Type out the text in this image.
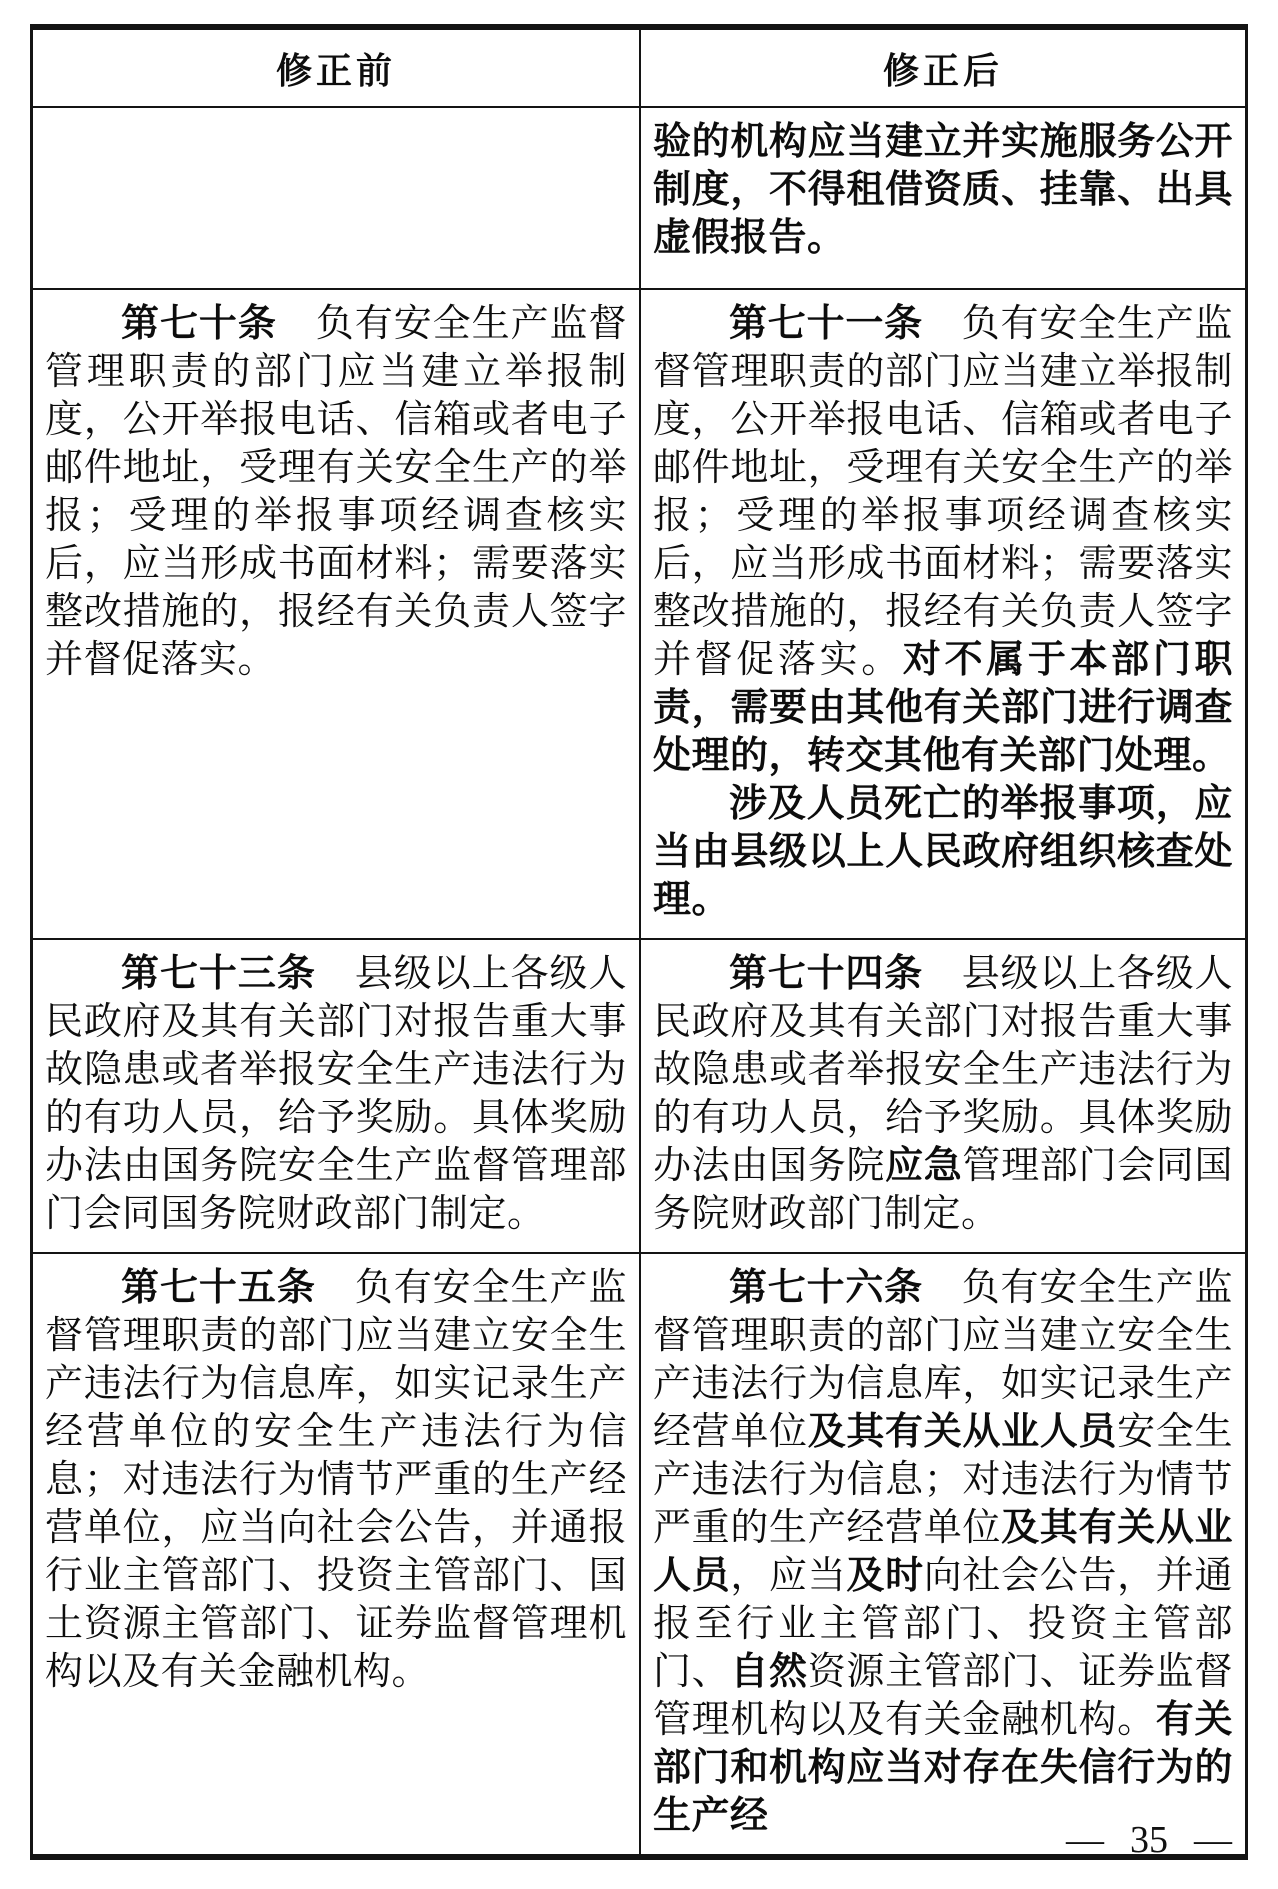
修正前	修正后

验的机构应当建立并实施服务公开制度，不得租借资质、挂靠、出具虚假报告。

第七十条　负有安全生产监督管理职责的部门应当建立举报制度，公开举报电话、信箱或者电子邮件地址，受理有关安全生产的举报；受理的举报事项经调查核实后，应当形成书面材料；需要落实整改措施的，报经有关负责人签字并督促落实。

第七十一条　负有安全生产监督管理职责的部门应当建立举报制度，公开举报电话、信箱或者电子邮件地址，受理有关安全生产的举报；受理的举报事项经调查核实后，应当形成书面材料；需要落实整改措施的，报经有关负责人签字并督促落实。对不属于本部门职责，需要由其他有关部门进行调查处理的，转交其他有关部门处理。

涉及人员死亡的举报事项，应当由县级以上人民政府组织核查处理。

第七十三条　县级以上各级人民政府及其有关部门对报告重大事故隐患或者举报安全生产违法行为的有功人员，给予奖励。具体奖励办法由国务院安全生产监督管理部门会同国务院财政部门制定。

第七十四条　县级以上各级人民政府及其有关部门对报告重大事故隐患或者举报安全生产违法行为的有功人员，给予奖励。具体奖励办法由国务院应急管理部门会同国务院财政部门制定。

第七十五条　负有安全生产监督管理职责的部门应当建立安全生产违法行为信息库，如实记录生产经营单位的安全生产违法行为信息；对违法行为情节严重的生产经营单位，应当向社会公告，并通报行业主管部门、投资主管部门、国土资源主管部门、证券监督管理机构以及有关金融机构。

第七十六条　负有安全生产监督管理职责的部门应当建立安全生产违法行为信息库，如实记录生产经营单位及其有关从业人员安全生产违法行为信息；对违法行为情节严重的生产经营单位及其有关从业人员，应当及时向社会公告，并通报至行业主管部门、投资主管部门、自然资源主管部门、证券监督管理机构以及有关金融机构。有关部门和机构应当对存在失信行为的生产经

— 35 —
